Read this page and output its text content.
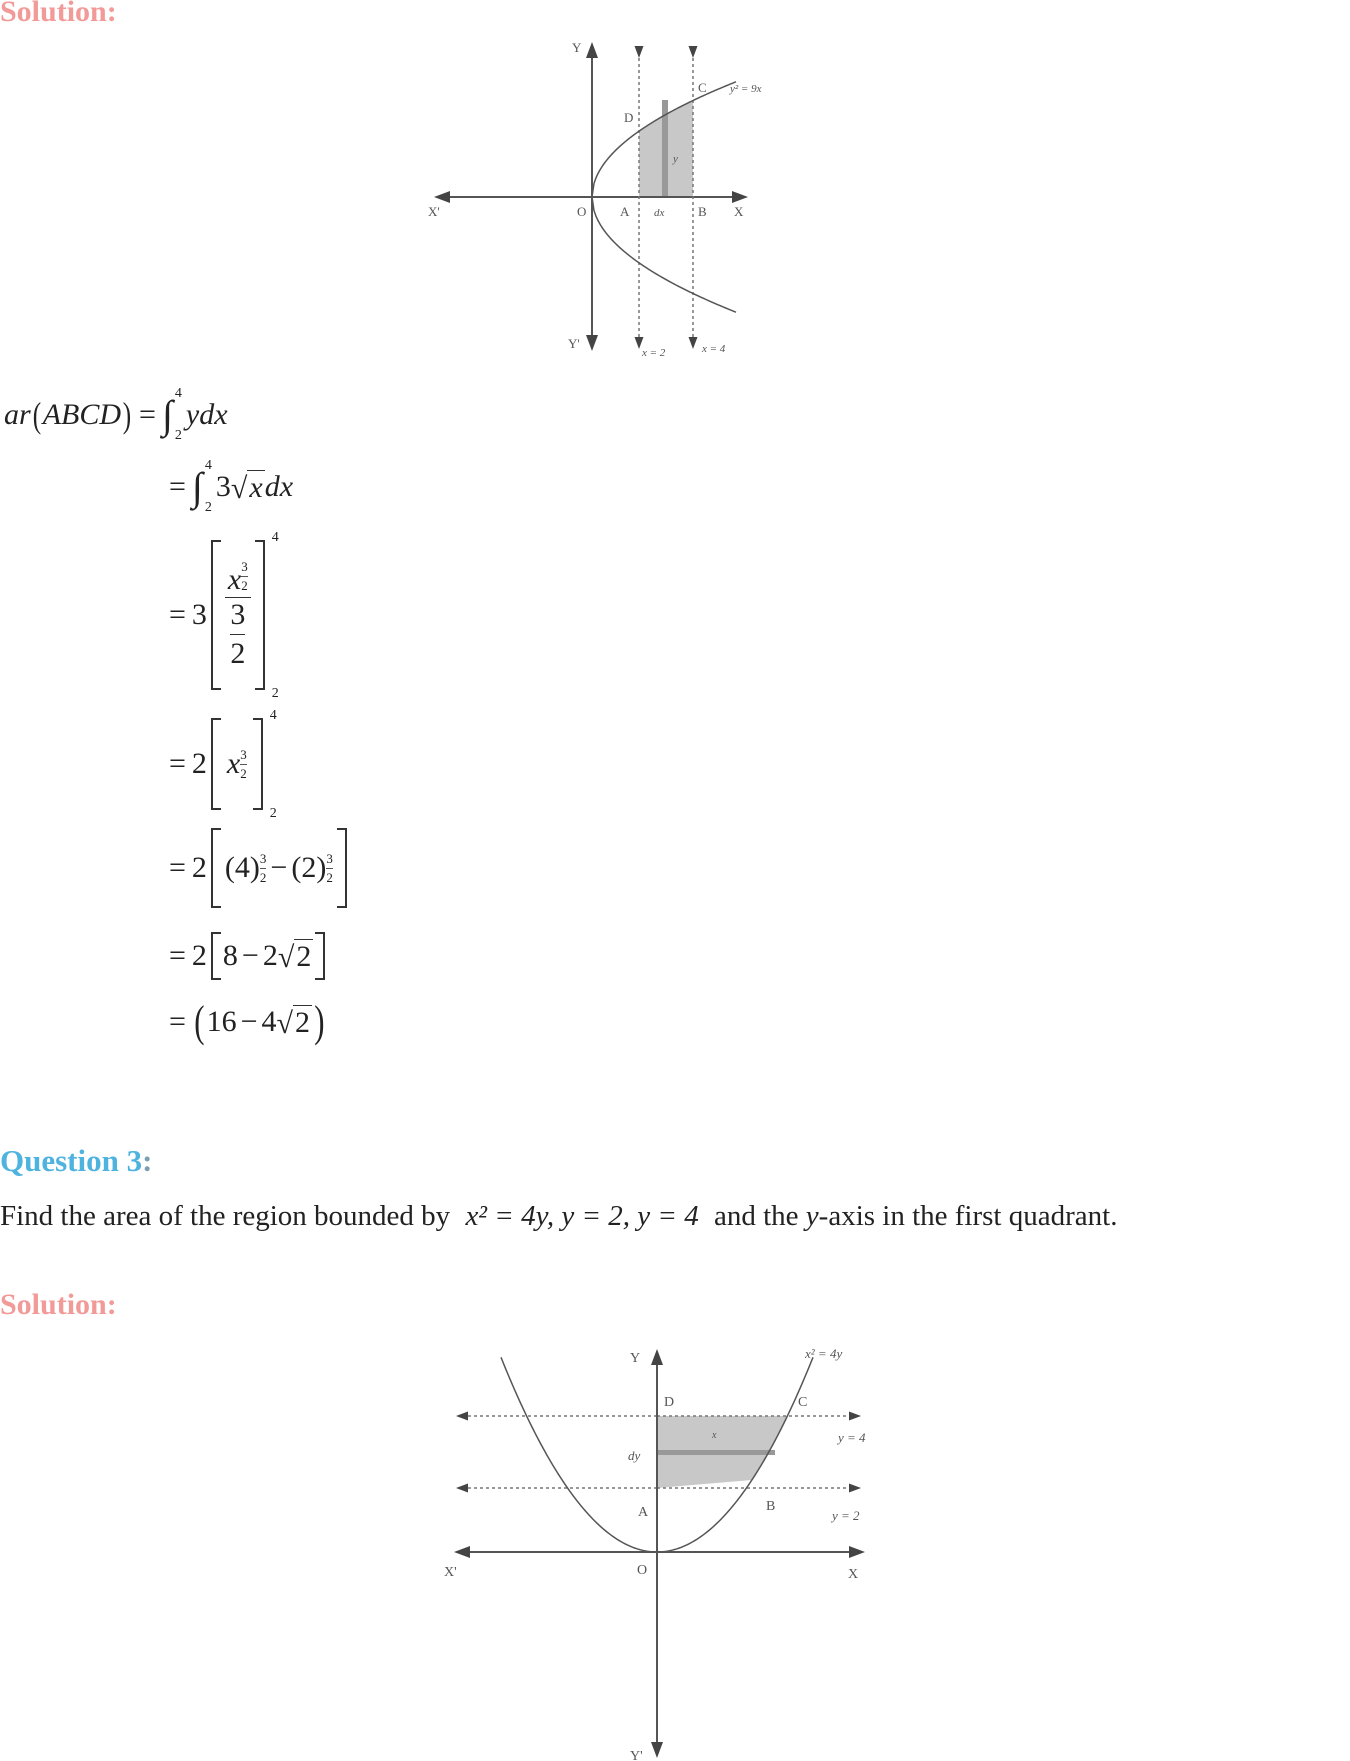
Solution:
Y
Y'
X'	X
O	A dx	B
D
C y² = 9x
y
x = 2	x = 4
ar ( ABCD ) = ∫ 4
2
ydx
= ∫ 4
2
3 √ x dx
= $3 \frac{x \frac{3}{2}}{\frac{3}{2}}$
4
2
= 2 x 3
2
4
2
= 2 (4) 3
2 − (2) 3
2
= 2 8 − 2 √ 2
= ( 16 − 4 √ 2 )
Question 3:
Find the area of the region bounded by x² = 4y, y = 2, y = 4 and the y-axis in the first quadrant.
Solution:
Y	x² = 4y
D	C
y = 4
x
dy
A	B
y = 2
O
X'	X
Y'
